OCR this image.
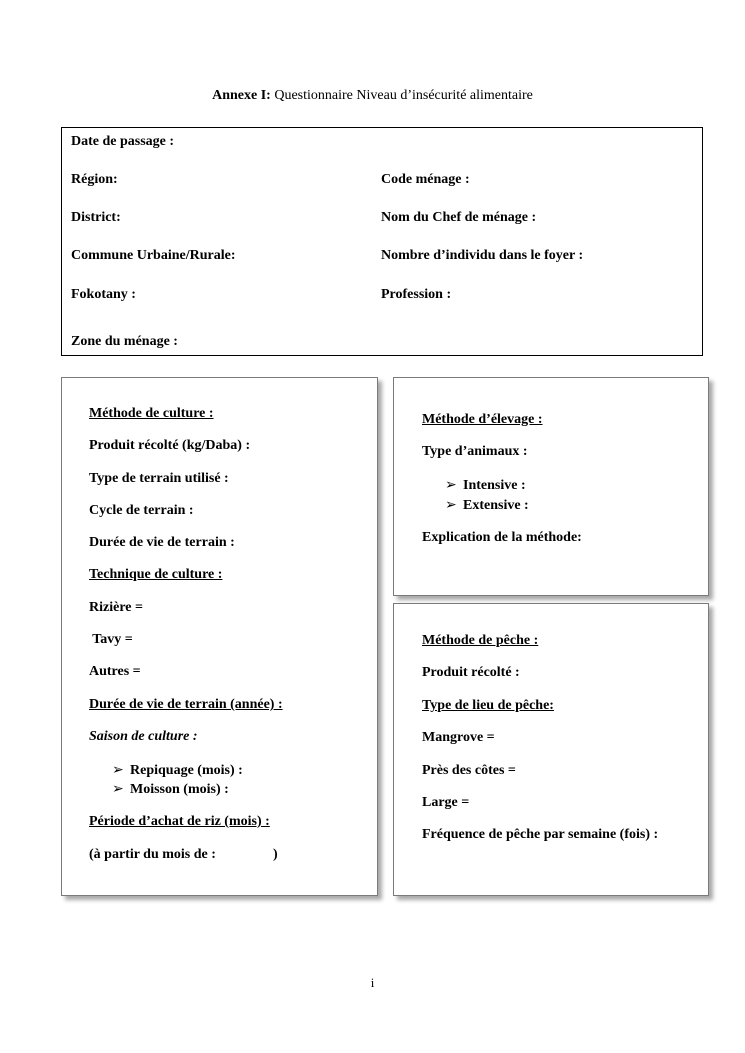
Annexe I: Questionnaire Niveau d’insécurité alimentaire
Date de passage :
Région:	Code ménage :
District:	Nom du Chef de ménage :
Commune Urbaine/Rurale:	Nombre d’individu dans le foyer :
Fokotany :	Profession :
Zone du ménage :
Méthode de culture :
Produit récolté (kg/Daba) :
Type de terrain utilisé :
Cycle de terrain :
Durée de vie de terrain :
Technique de culture :
Rizière =
Tavy =
Autres =
Durée de vie de terrain (année) :
Saison de culture :
➢ Repiquage (mois) :
➢ Moisson (mois) :
Période d’achat de riz (mois) :
(à partir du mois de :	)
Méthode d’élevage :
Type d’animaux :
➢ Intensive :
➢ Extensive :
Explication de la méthode:
Méthode de pêche :
Produit récolté :
Type de lieu de pêche:
Mangrove =
Près des côtes =
Large =
Fréquence de pêche par semaine (fois) :
i
